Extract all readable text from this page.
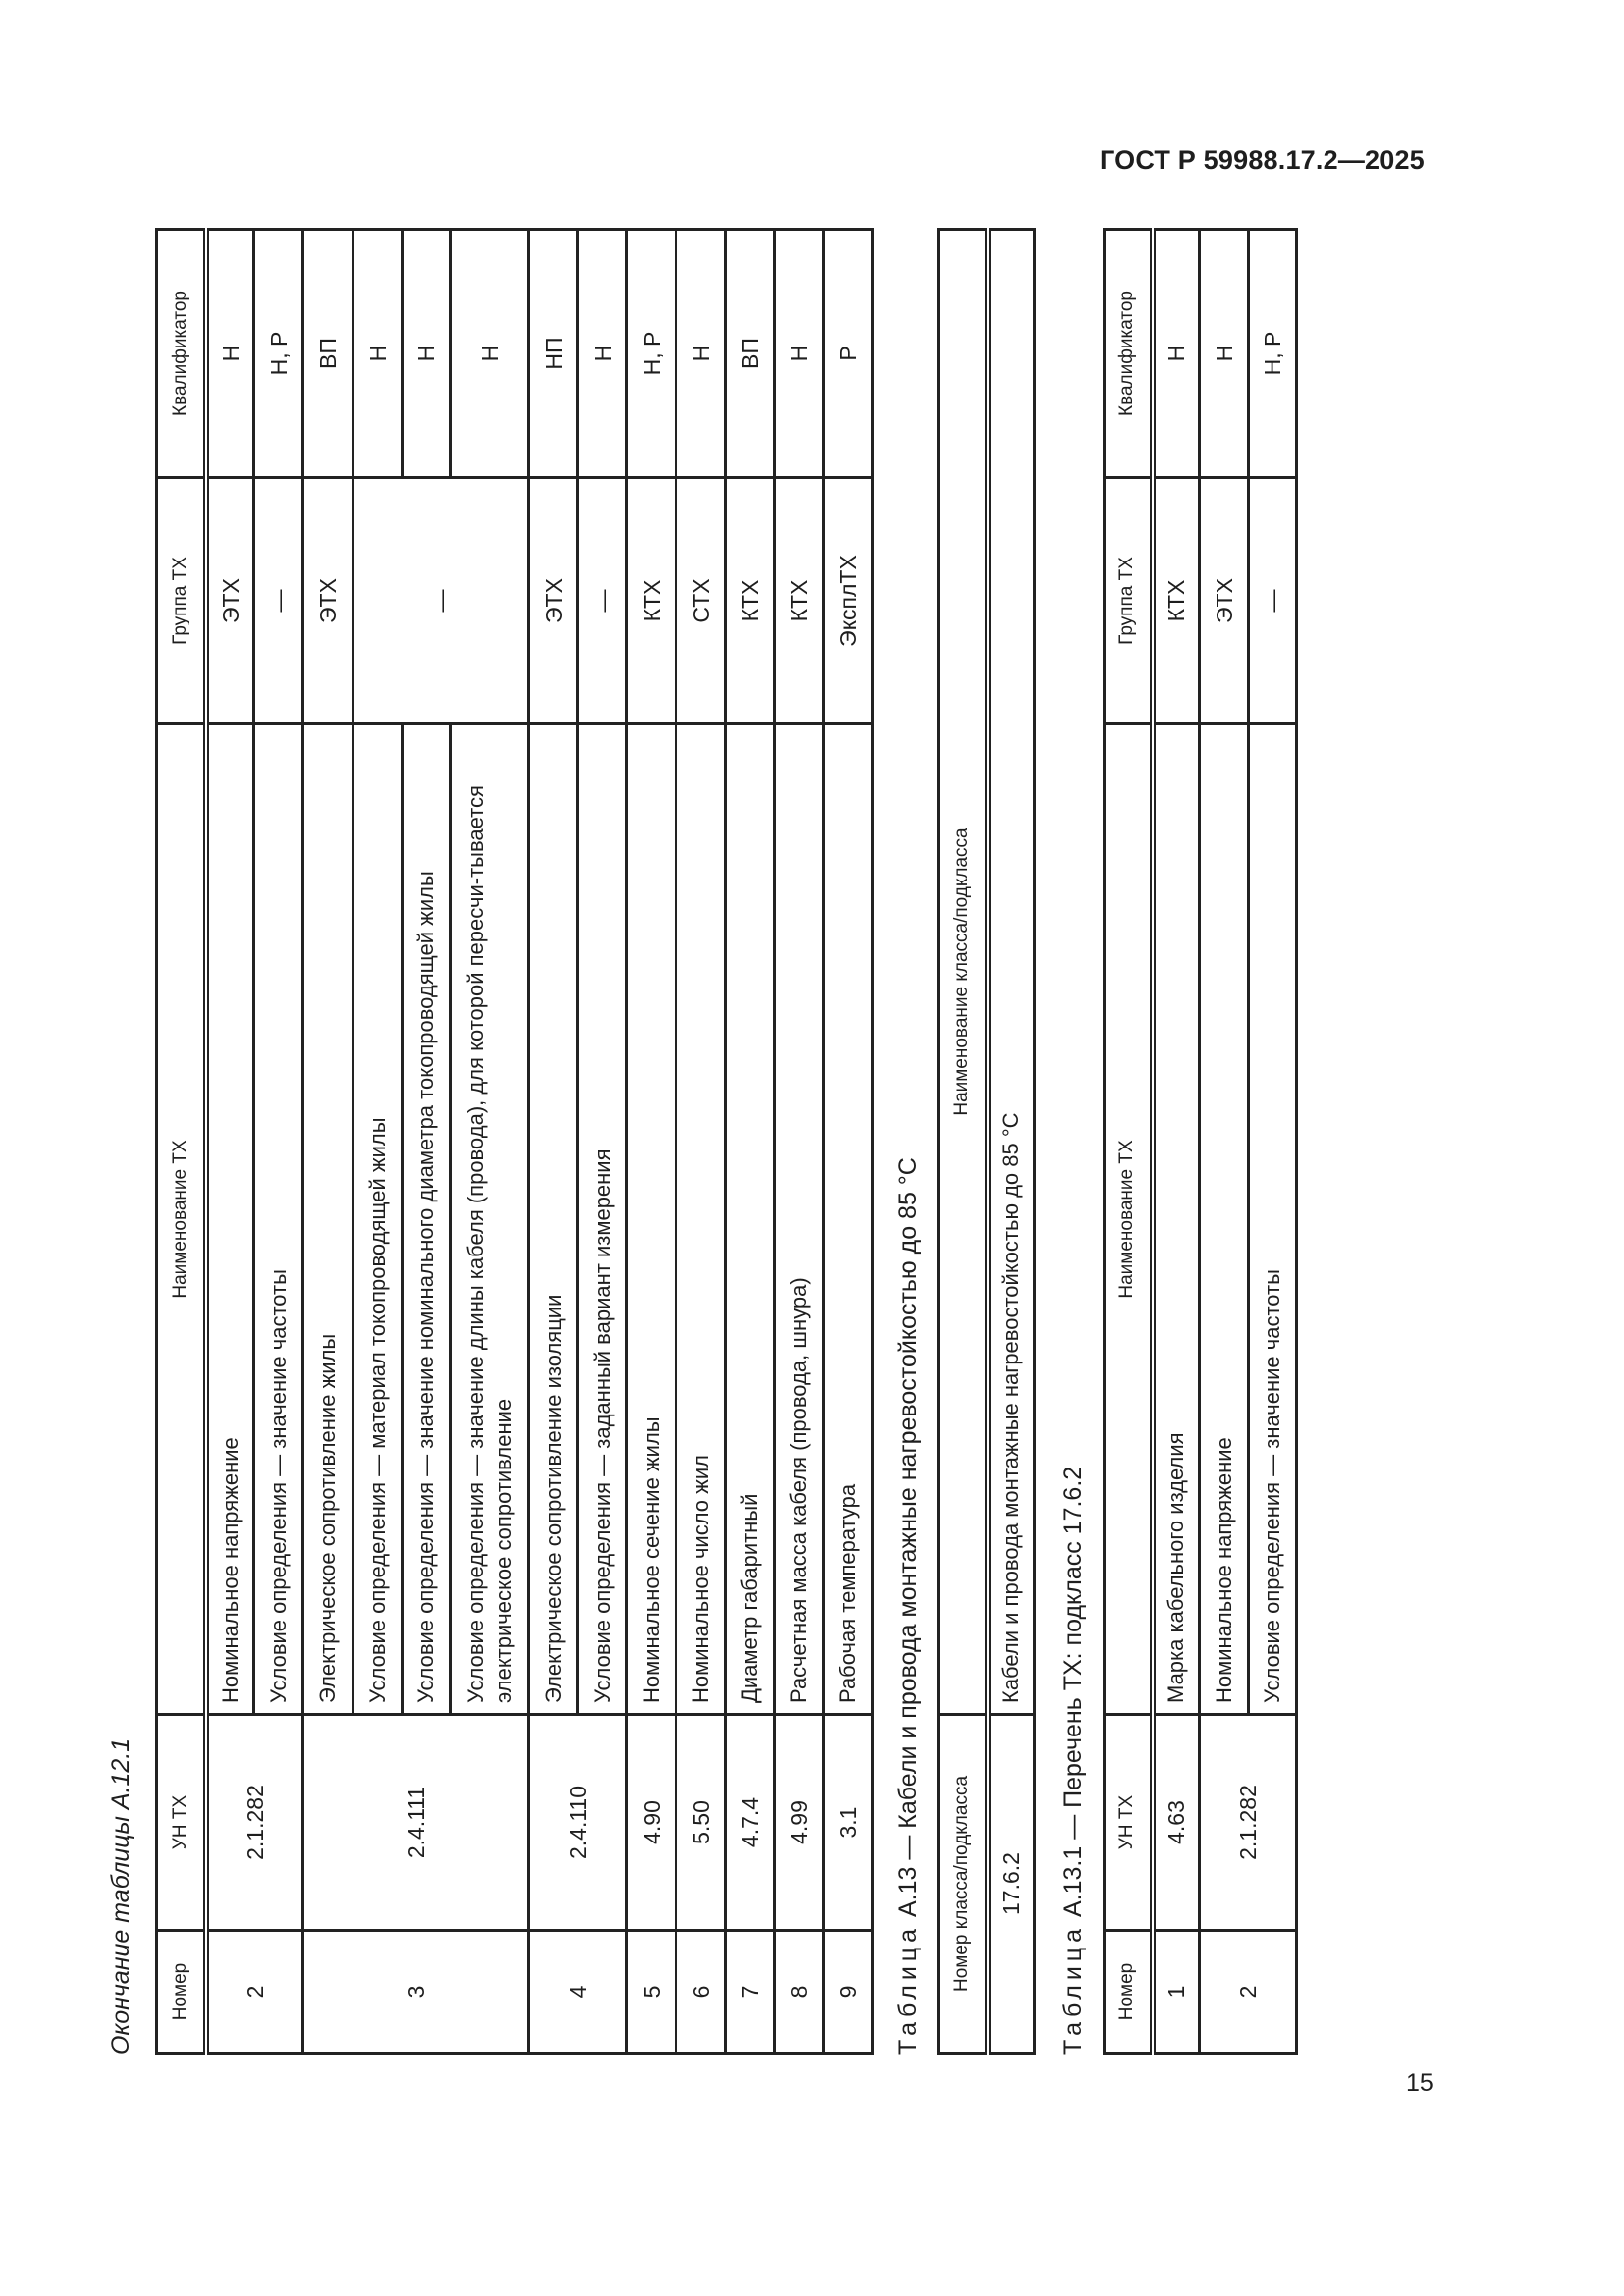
ГОСТ Р 59988.17.2—2025
Окончание таблицы А.12.1 Номер	УН ТХ	Наименование ТХ	Группа ТХ	Квалификатор
2	2.1.282	Номинальное напряжение	ЭТХ	Н
		Условие определения — значение частоты	—	Н, Р
3	2.4.111	Электрическое сопротивление жилы	ЭТХ	ВП
		Условие определения — материал токопроводящей жилы	—	Н
		Условие определения — значение номинального диаметра токопроводящей жилы		Н
		Условие определения — значение длины кабеля (провода), для которой пересчи-тывается электрическое сопротивление		Н
4	2.4.110	Электрическое сопротивление изоляции	ЭТХ	НП
		Условие определения — заданный вариант измерения	—	Н
5	4.90	Номинальное сечение жилы	КТХ	Н, Р
6	5.50	Номинальное число жил	СТХ	Н
7	4.7.4	Диаметр габаритный	КТХ	ВП
8	4.99	Расчетная масса кабеля (провода, шнура)	КТХ	Н
9	3.1	Рабочая температура	ЭксплТХ	Р
Таблица А.13 — Кабели и провода монтажные нагревостойкостью до 85 °С Номер класса/подкласса	Наименование класса/подкласса
17.6.2	Кабели и провода монтажные нагревостойкостью до 85 °С
Таблица А.13.1 — Перечень ТХ: подкласс 17.6.2
Номер	УН ТХ	Наименование ТХ	Группа ТХ	Квалификатор
1	4.63	Марка кабельного изделия	КТХ	Н
2	2.1.282	Номинальное напряжение	ЭТХ	Н
		Условие определения — значение частоты	—	Н, Р
15
